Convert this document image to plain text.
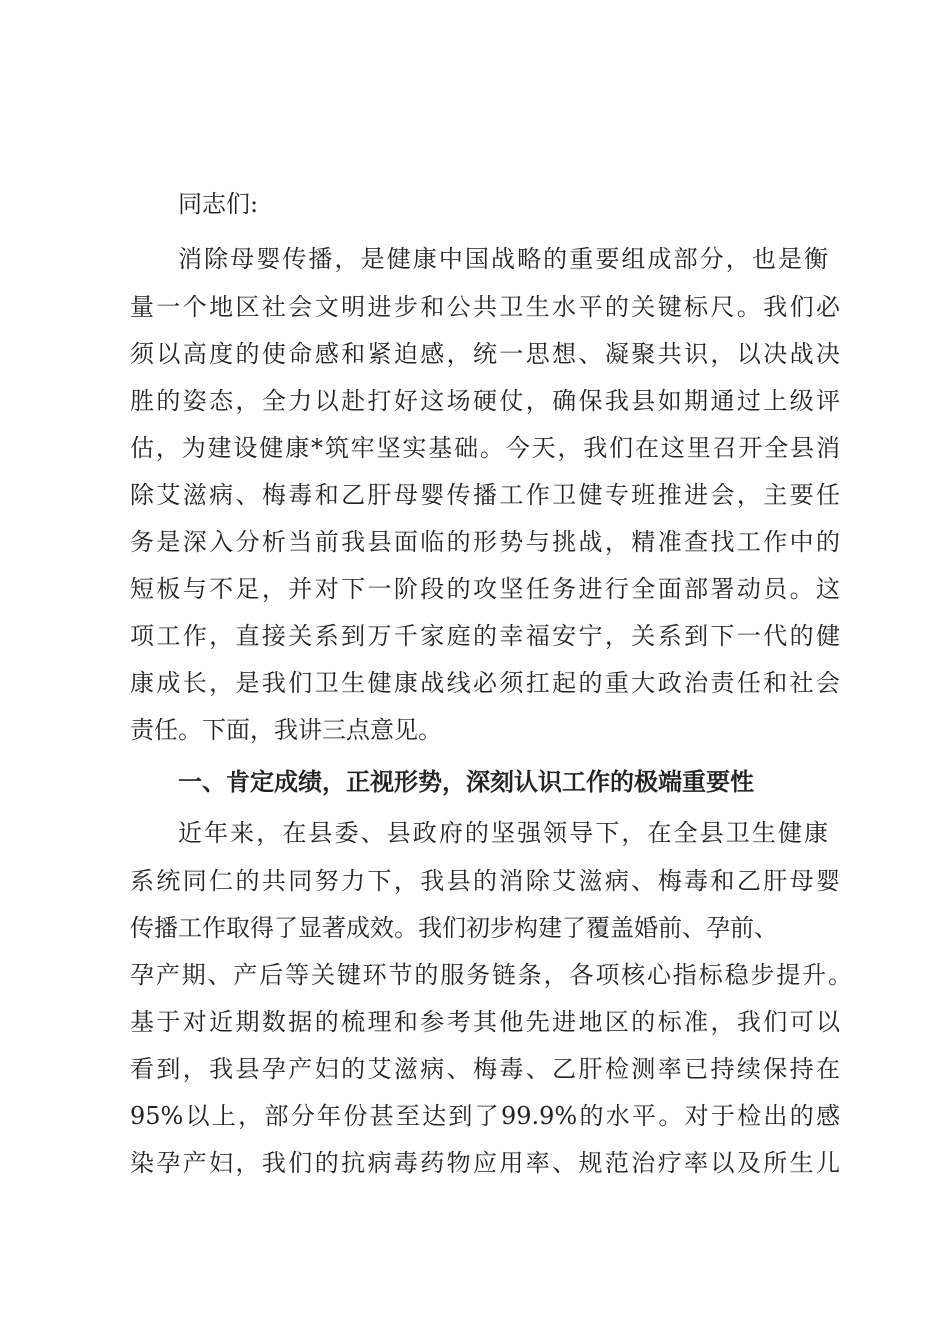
同志们:
消除母婴传播，是健康中国战略的重要组成部分，也是衡
量一个地区社会文明进步和公共卫生水平的关键标尺。我们必
须以高度的使命感和紧迫感，统一思想、凝聚共识，以决战决
胜的姿态，全力以赴打好这场硬仗，确保我县如期通过上级评
估，为建设健康*筑牢坚实基础。今天，我们在这里召开全县消
除艾滋病、梅毒和乙肝母婴传播工作卫健专班推进会，主要任
务是深入分析当前我县面临的形势与挑战，精准查找工作中的
短板与不足，并对下一阶段的攻坚任务进行全面部署动员。这
项工作，直接关系到万千家庭的幸福安宁，关系到下一代的健
康成长，是我们卫生健康战线必须扛起的重大政治责任和社会
责任。下面，我讲三点意见。
一、肯定成绩，正视形势，深刻认识工作的极端重要性
近年来，在县委、县政府的坚强领导下，在全县卫生健康
系统同仁的共同努力下，我县的消除艾滋病、梅毒和乙肝母婴
传播工作取得了显著成效。我们初步构建了覆盖婚前、孕前、
孕产期、产后等关键环节的服务链条，各项核心指标稳步提升。
基于对近期数据的梳理和参考其他先进地区的标准，我们可以
看到，我县孕产妇的艾滋病、梅毒、乙肝检测率已持续保持在
95%以上，部分年份甚至达到了99.9%的水平。对于检出的感
染孕产妇，我们的抗病毒药物应用率、规范治疗率以及所生儿
